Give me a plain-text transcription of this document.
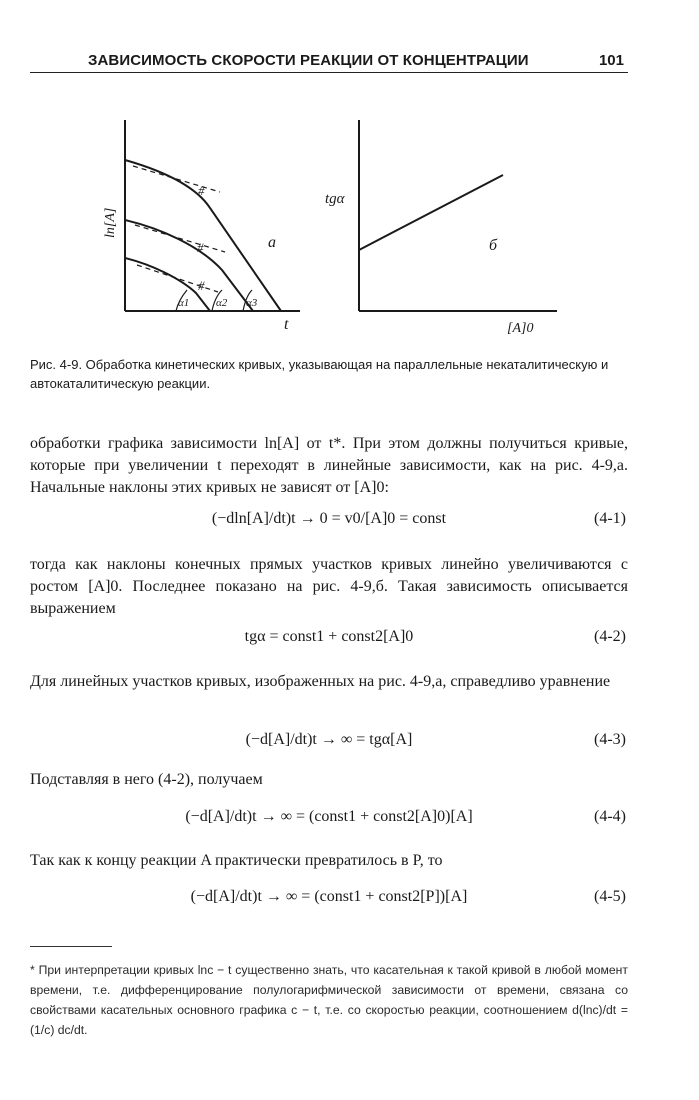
ЗАВИСИМОСТЬ СКОРОСТИ РЕАКЦИИ ОТ КОНЦЕНТРАЦИИ	101
#
#
#
α1 α2 α3
a
t
ln[A]
tgα
б
[A]0
Рис. 4-9. Обработка кинетических кривых, указывающая на параллельные некаталитическую и автокаталитическую реакции.
обработки графика зависимости ln[A] от t*. При этом должны получиться кривые, которые при увеличении t переходят в линейные зависимости, как на рис. 4-9,а. Начальные наклоны этих кривых не зависят от [A]0:
(−dln[A]/dt)t → 0 = v0/[A]0 = const	(4-1)
тогда как наклоны конечных прямых участков кривых линейно увеличиваются с ростом [A]0. Последнее показано на рис. 4-9,б. Такая зависимость описывается выражением
tgα = const1 + const2[A]0	(4-2)
Для линейных участков кривых, изображенных на рис. 4-9,а, справедливо уравнение
(−d[A]/dt)t → ∞ = tgα[A]	(4-3)
Подставляя в него (4-2), получаем
(−d[A]/dt)t → ∞ = (const1 + const2[A]0)[A]	(4-4)
Так как к концу реакции A практически превратилось в P, то
(−d[A]/dt)t → ∞ = (const1 + const2[P])[A]	(4-5)
* При интерпретации кривых lnc − t существенно знать, что касательная к такой кривой в любой момент времени, т.е. дифференцирование полулогарифмической зависимости от времени, связана со свойствами касательных основного графика c − t, т.е. со скоростью реакции, соотношением d(lnc)/dt = (1/c) dc/dt.
